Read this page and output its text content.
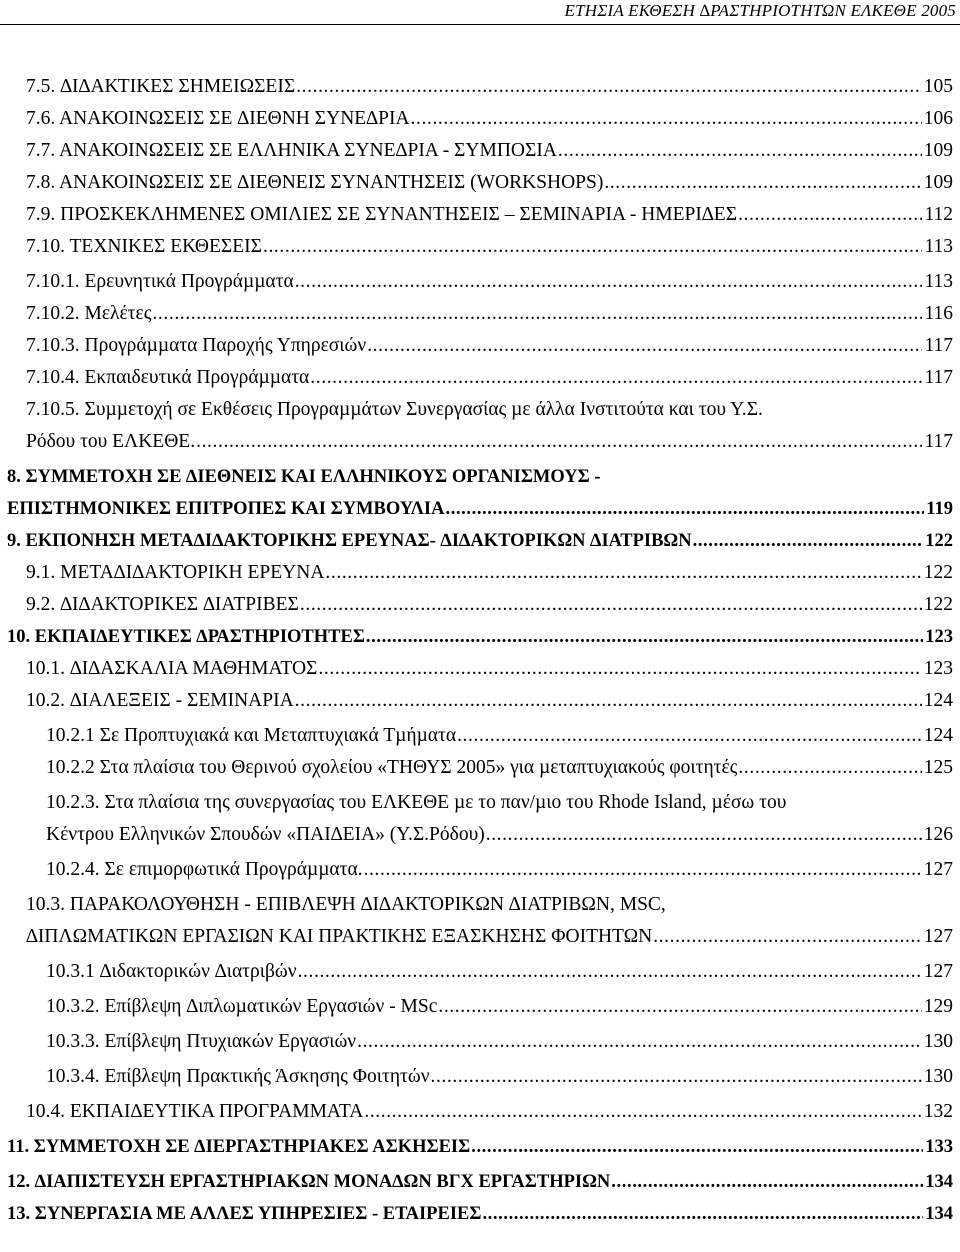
ΕΤΗΣΙΑ ΕΚΘΕΣΗ ∆ΡΑΣΤΗΡΙΟΤΗΤΩΝ ΕΛΚΕΘΕ 2005
7.5. ∆Ι∆ΑΚΤΙΚΕΣ ΣΗΜΕΙΩΣΕΙΣ .....	105
7.6. ΑΝΑΚΟΙΝΩΣΕΙΣ ΣΕ ∆ΙΕΘΝΗ ΣΥΝΕ∆ΡΙΑ .....	106
7.7. ΑΝΑΚΟΙΝΩΣΕΙΣ ΣΕ ΕΛΛΗΝΙΚΑ ΣΥΝΕ∆ΡΙΑ - ΣΥΜΠΟΣΙΑ .....	109
7.8. ΑΝΑΚΟΙΝΩΣΕΙΣ ΣΕ ∆ΙΕΘΝΕΙΣ ΣΥΝΑΝΤΗΣΕΙΣ (WORKSHOPS) .....	109
7.9. ΠΡΟΣΚΕΚΛΗΜΕΝΕΣ ΟΜΙΛΙΕΣ ΣΕ ΣΥΝΑΝΤΗΣΕΙΣ – ΣΕΜΙΝΑΡΙΑ - ΗΜΕΡΙ∆ΕΣ .....	112
7.10. ΤΕΧΝΙΚΕΣ ΕΚΘΕΣΕΙΣ .....	113
7.10.1. Ερευνητικά Προγράµµατα .....	113
7.10.2. Μελέτες .....	116
7.10.3. Προγράµµατα Παροχής Υπηρεσιών .....	117
7.10.4. Εκπαιδευτικά Προγράµµατα .....	117
7.10.5. Συµµετοχή σε Εκθέσεις Προγραµµάτων Συνεργασίας µε άλλα Ινστιτούτα και του Υ.Σ.
Ρόδου του ΕΛΚΕΘΕ. .....	117
8. ΣΥΜΜΕΤΟΧΗ ΣΕ ∆ΙΕΘΝΕΙΣ ΚΑΙ ΕΛΛΗΝΙΚΟΥΣ ΟΡΓΑΝΙΣΜΟΥΣ -
ΕΠΙΣΤΗΜΟΝΙΚΕΣ ΕΠΙΤΡΟΠΕΣ ΚΑΙ ΣΥΜΒΟΥΛΙΑ .....	119
9. ΕΚΠΟΝΗΣΗ ΜΕΤΑ∆Ι∆ΑΚΤΟΡΙΚΗΣ ΕΡΕΥΝΑΣ- ∆Ι∆ΑΚΤΟΡΙΚΩΝ ∆ΙΑΤΡΙΒΩΝ .....	122
9.1. ΜΕΤΑ∆Ι∆ΑΚΤΟΡΙΚΗ ΕΡΕΥΝΑ .....	122
9.2. ∆Ι∆ΑΚΤΟΡΙΚΕΣ ∆ΙΑΤΡΙΒΕΣ .....	122
10. ΕΚΠΑΙ∆ΕΥΤΙΚΕΣ ∆ΡΑΣΤΗΡΙΟΤΗΤΕΣ .....	123
10.1. ∆Ι∆ΑΣΚΑΛΙΑ ΜΑΘΗΜΑΤΟΣ .....	123
10.2. ∆ΙΑΛΕΞΕΙΣ - ΣΕΜΙΝΑΡΙΑ .....	124
10.2.1 Σε Προπτυχιακά και Μεταπτυχιακά Τµήµατα .....	124
10.2.2 Στα πλαίσια του Θερινού σχολείου «ΤΗΘΥΣ 2005» για µεταπτυχιακούς φοιτητές .....	125
10.2.3. Στα πλαίσια της συνεργασίας του ΕΛΚΕΘΕ µε το παν/µιο του Rhode Island, µέσω του
Κέντρου Ελληνικών Σπουδών «ΠΑΙ∆ΕΙΑ» (Υ.Σ.Ρόδου) .....	126
10.2.4. Σε επιµορφωτικά Προγράµµατα. .....	127
10.3. ΠΑΡΑΚΟΛΟΥΘΗΣΗ - ΕΠΙΒΛΕΨΗ ∆Ι∆ΑΚΤΟΡΙΚΩΝ ∆ΙΑΤΡΙΒΩΝ, MSC,
∆ΙΠΛΩΜΑΤΙΚΩΝ ΕΡΓΑΣΙΩΝ ΚΑΙ ΠΡΑΚΤΙΚΗΣ ΕΞΑΣΚΗΣΗΣ ΦΟΙΤΗΤΩΝ .....	127
10.3.1 ∆ιδακτορικών ∆ιατριβών .....	127
10.3.2. Επίβλεψη ∆ιπλωµατικών Εργασιών - MSc .....	129
10.3.3. Επίβλεψη Πτυχιακών Εργασιών .....	130
10.3.4. Επίβλεψη Πρακτικής Άσκησης Φοιτητών .....	130
10.4. ΕΚΠΑΙ∆ΕΥΤΙΚΑ ΠΡΟΓΡΑΜΜΑΤΑ .....	132
11. ΣΥΜΜΕΤΟΧΗ ΣΕ ∆ΙΕΡΓΑΣΤΗΡΙΑΚΕΣ ΑΣΚΗΣΕΙΣ .....	133
12. ∆ΙΑΠΙΣΤΕΥΣΗ ΕΡΓΑΣΤΗΡΙΑΚΩΝ ΜΟΝΑ∆ΩΝ ΒΓΧ ΕΡΓΑΣΤΗΡΙΩΝ .....	134
13. ΣΥΝΕΡΓΑΣΙΑ ΜΕ ΑΛΛΕΣ ΥΠΗΡΕΣΙΕΣ - ΕΤΑΙΡΕΙΕΣ .....	134
